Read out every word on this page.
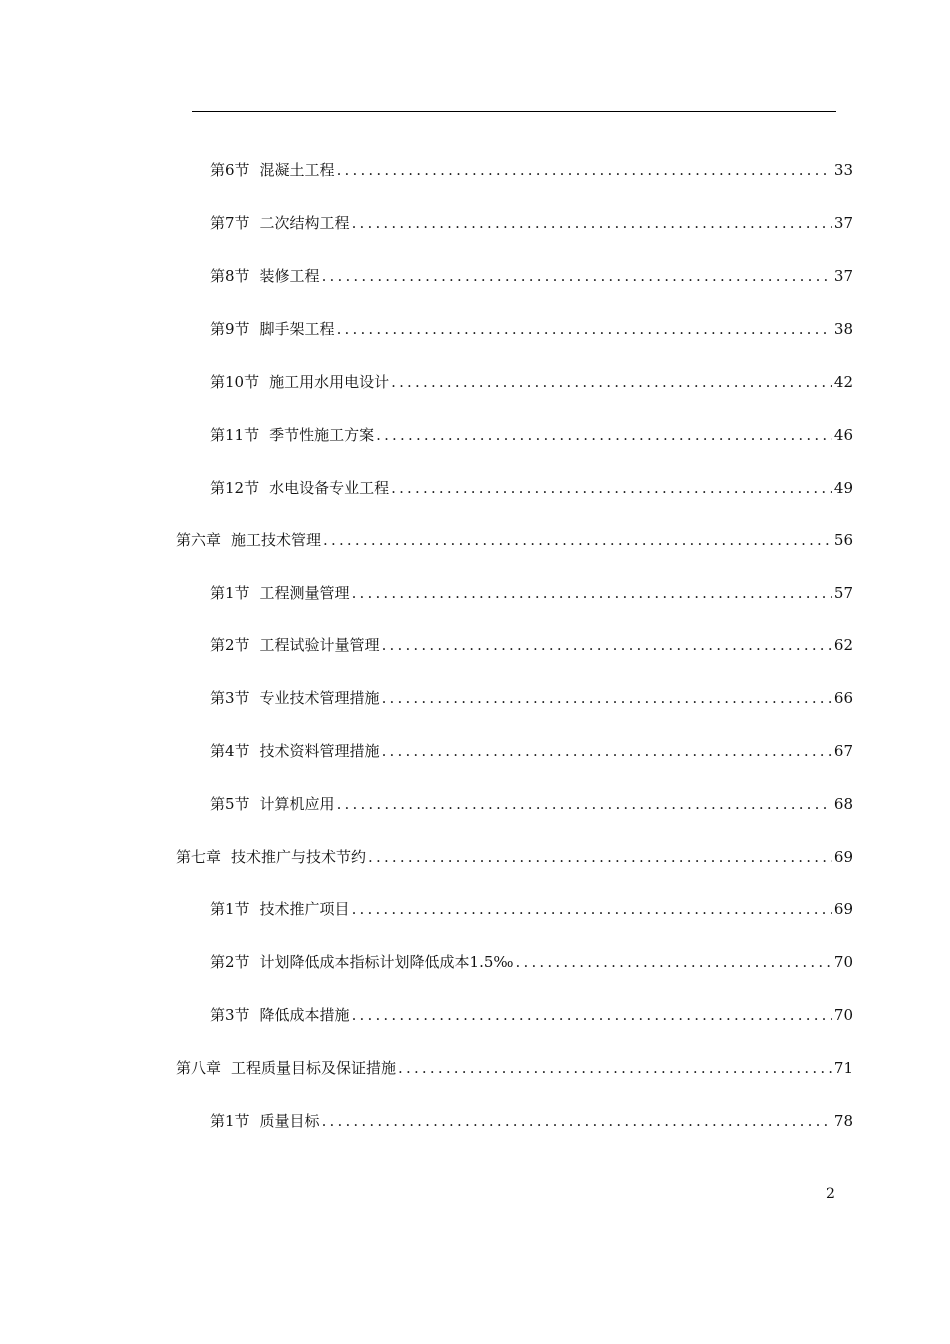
第6节 混凝土工程 .....	33
第7节 二次结构工程 .....	37
第8节 装修工程 .....	37
第9节 脚手架工程 .....	38
第10节 施工用水用电设计 .....	42
第11节 季节性施工方案 .....	46
第12节 水电设备专业工程 .....	49
第六章 施工技术管理 .....	56
第1节 工程测量管理 .....	57
第2节 工程试验计量管理 .....	62
第3节 专业技术管理措施 .....	66
第4节 技术资料管理措施 .....	67
第5节 计算机应用 .....	68
第七章 技术推广与技术节约 .....	69
第1节 技术推广项目 .....	69
第2节 计划降低成本指标计划降低成本1.5‰ .....	70
第3节 降低成本措施 .....	70
第八章 工程质量目标及保证措施 .....	71
第1节 质量目标 .....	78
2
